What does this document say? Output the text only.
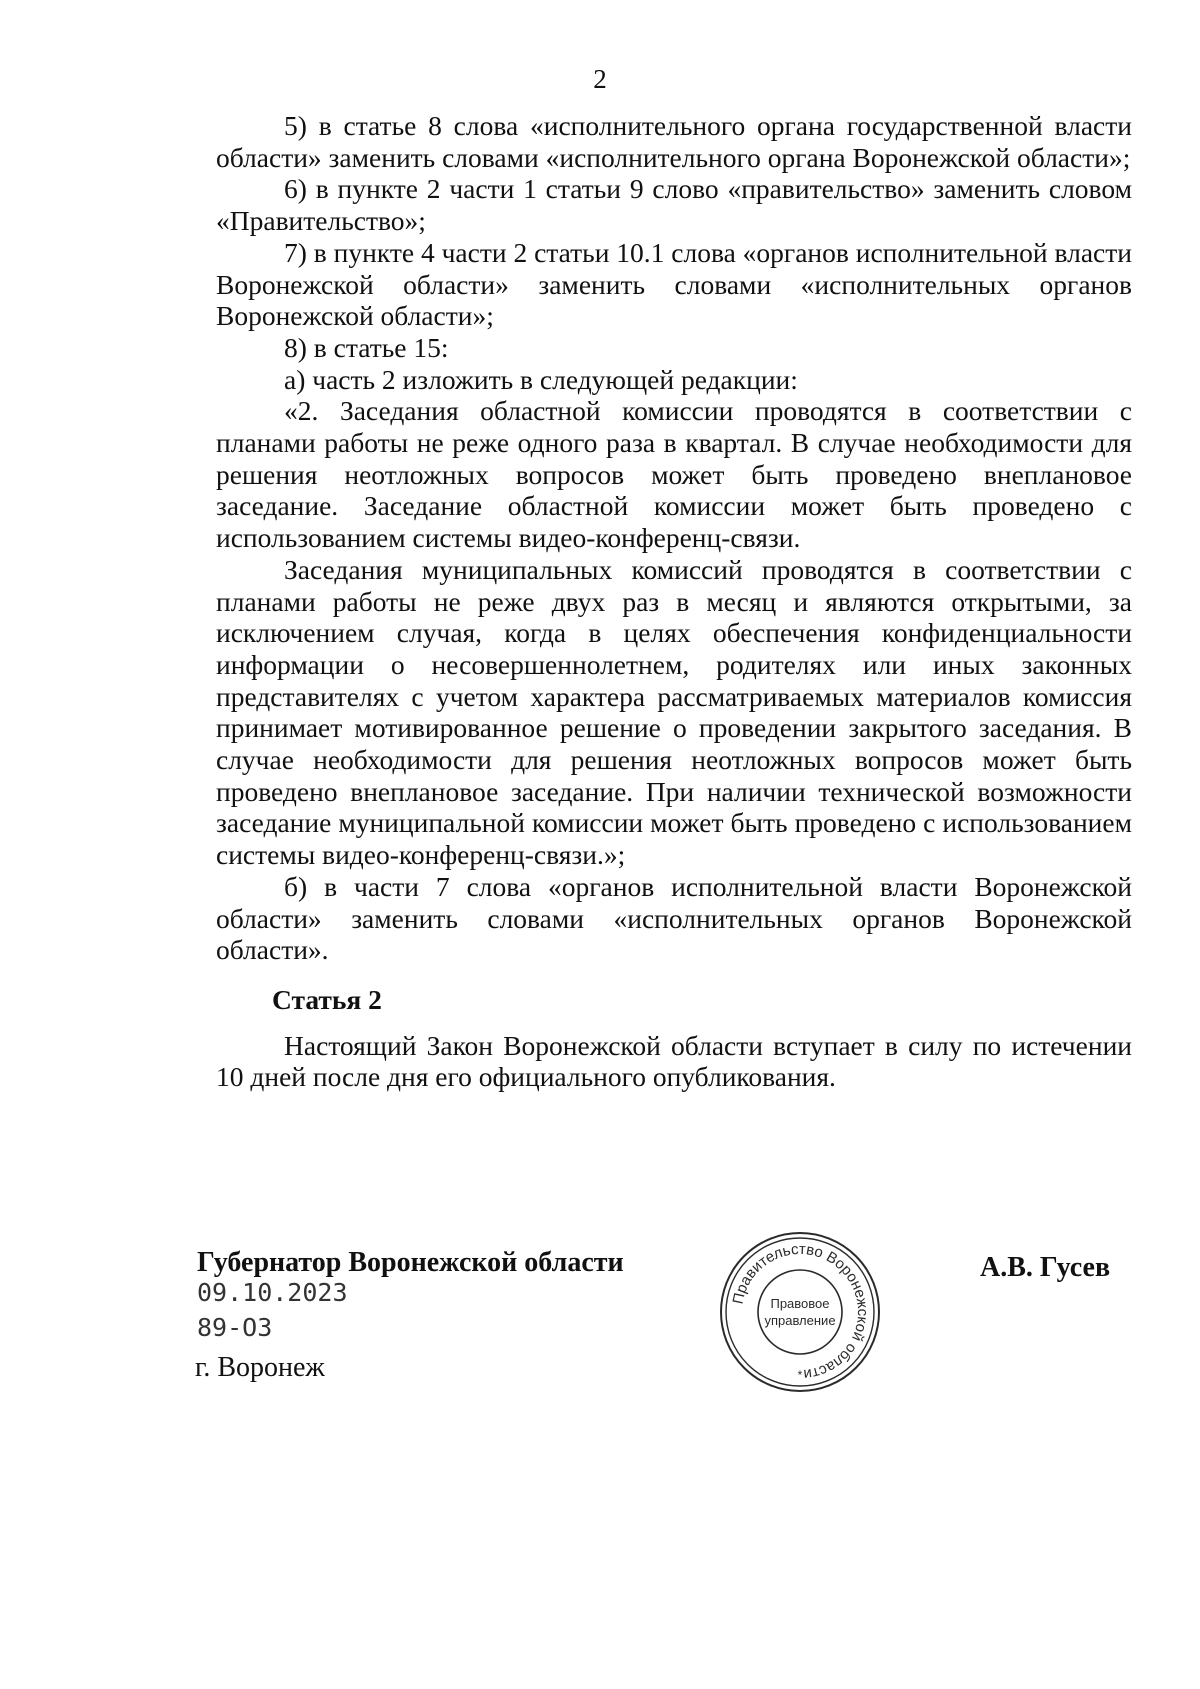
2

5) в статье 8 слова «исполнительного органа государственной власти области» заменить словами «исполнительного органа Воронежской области»;

6) в пункте 2 части 1 статьи 9 слово «правительство» заменить словом «Правительство»;

7) в пункте 4 части 2 статьи 10.1 слова «органов исполнительной власти Воронежской области» заменить словами «исполнительных органов Воронежской области»;

8) в статье 15:

а) часть 2 изложить в следующей редакции:

«2. Заседания областной комиссии проводятся в соответствии с планами работы не реже одного раза в квартал. В случае необходимости для решения неотложных вопросов может быть проведено внеплановое заседание. Заседание областной комиссии может быть проведено с использованием системы видео-конференц-связи.

Заседания муниципальных комиссий проводятся в соответствии с планами работы не реже двух раз в месяц и являются открытыми, за исключением случая, когда в целях обеспечения конфиденциальности информации о несовершеннолетнем, родителях или иных законных представителях с учетом характера рассматриваемых материалов комиссия принимает мотивированное решение о проведении закрытого заседания. В случае необходимости для решения неотложных вопросов может быть проведено внеплановое заседание. При наличии технической возможности заседание муниципальной комиссии может быть проведено с использованием системы видео-конференц-связи.»;

б) в части 7 слова «органов исполнительной власти Воронежской области» заменить словами «исполнительных органов Воронежской области».

Статья 2

Настоящий Закон Воронежской области вступает в силу по истечении 10 дней после дня его официального опубликования.

Губернатор Воронежской области
09.10.2023
89-ОЗ
г. Воронеж
А.В. Гусев
Правительство Воронежской области
Правовое
управление
*
